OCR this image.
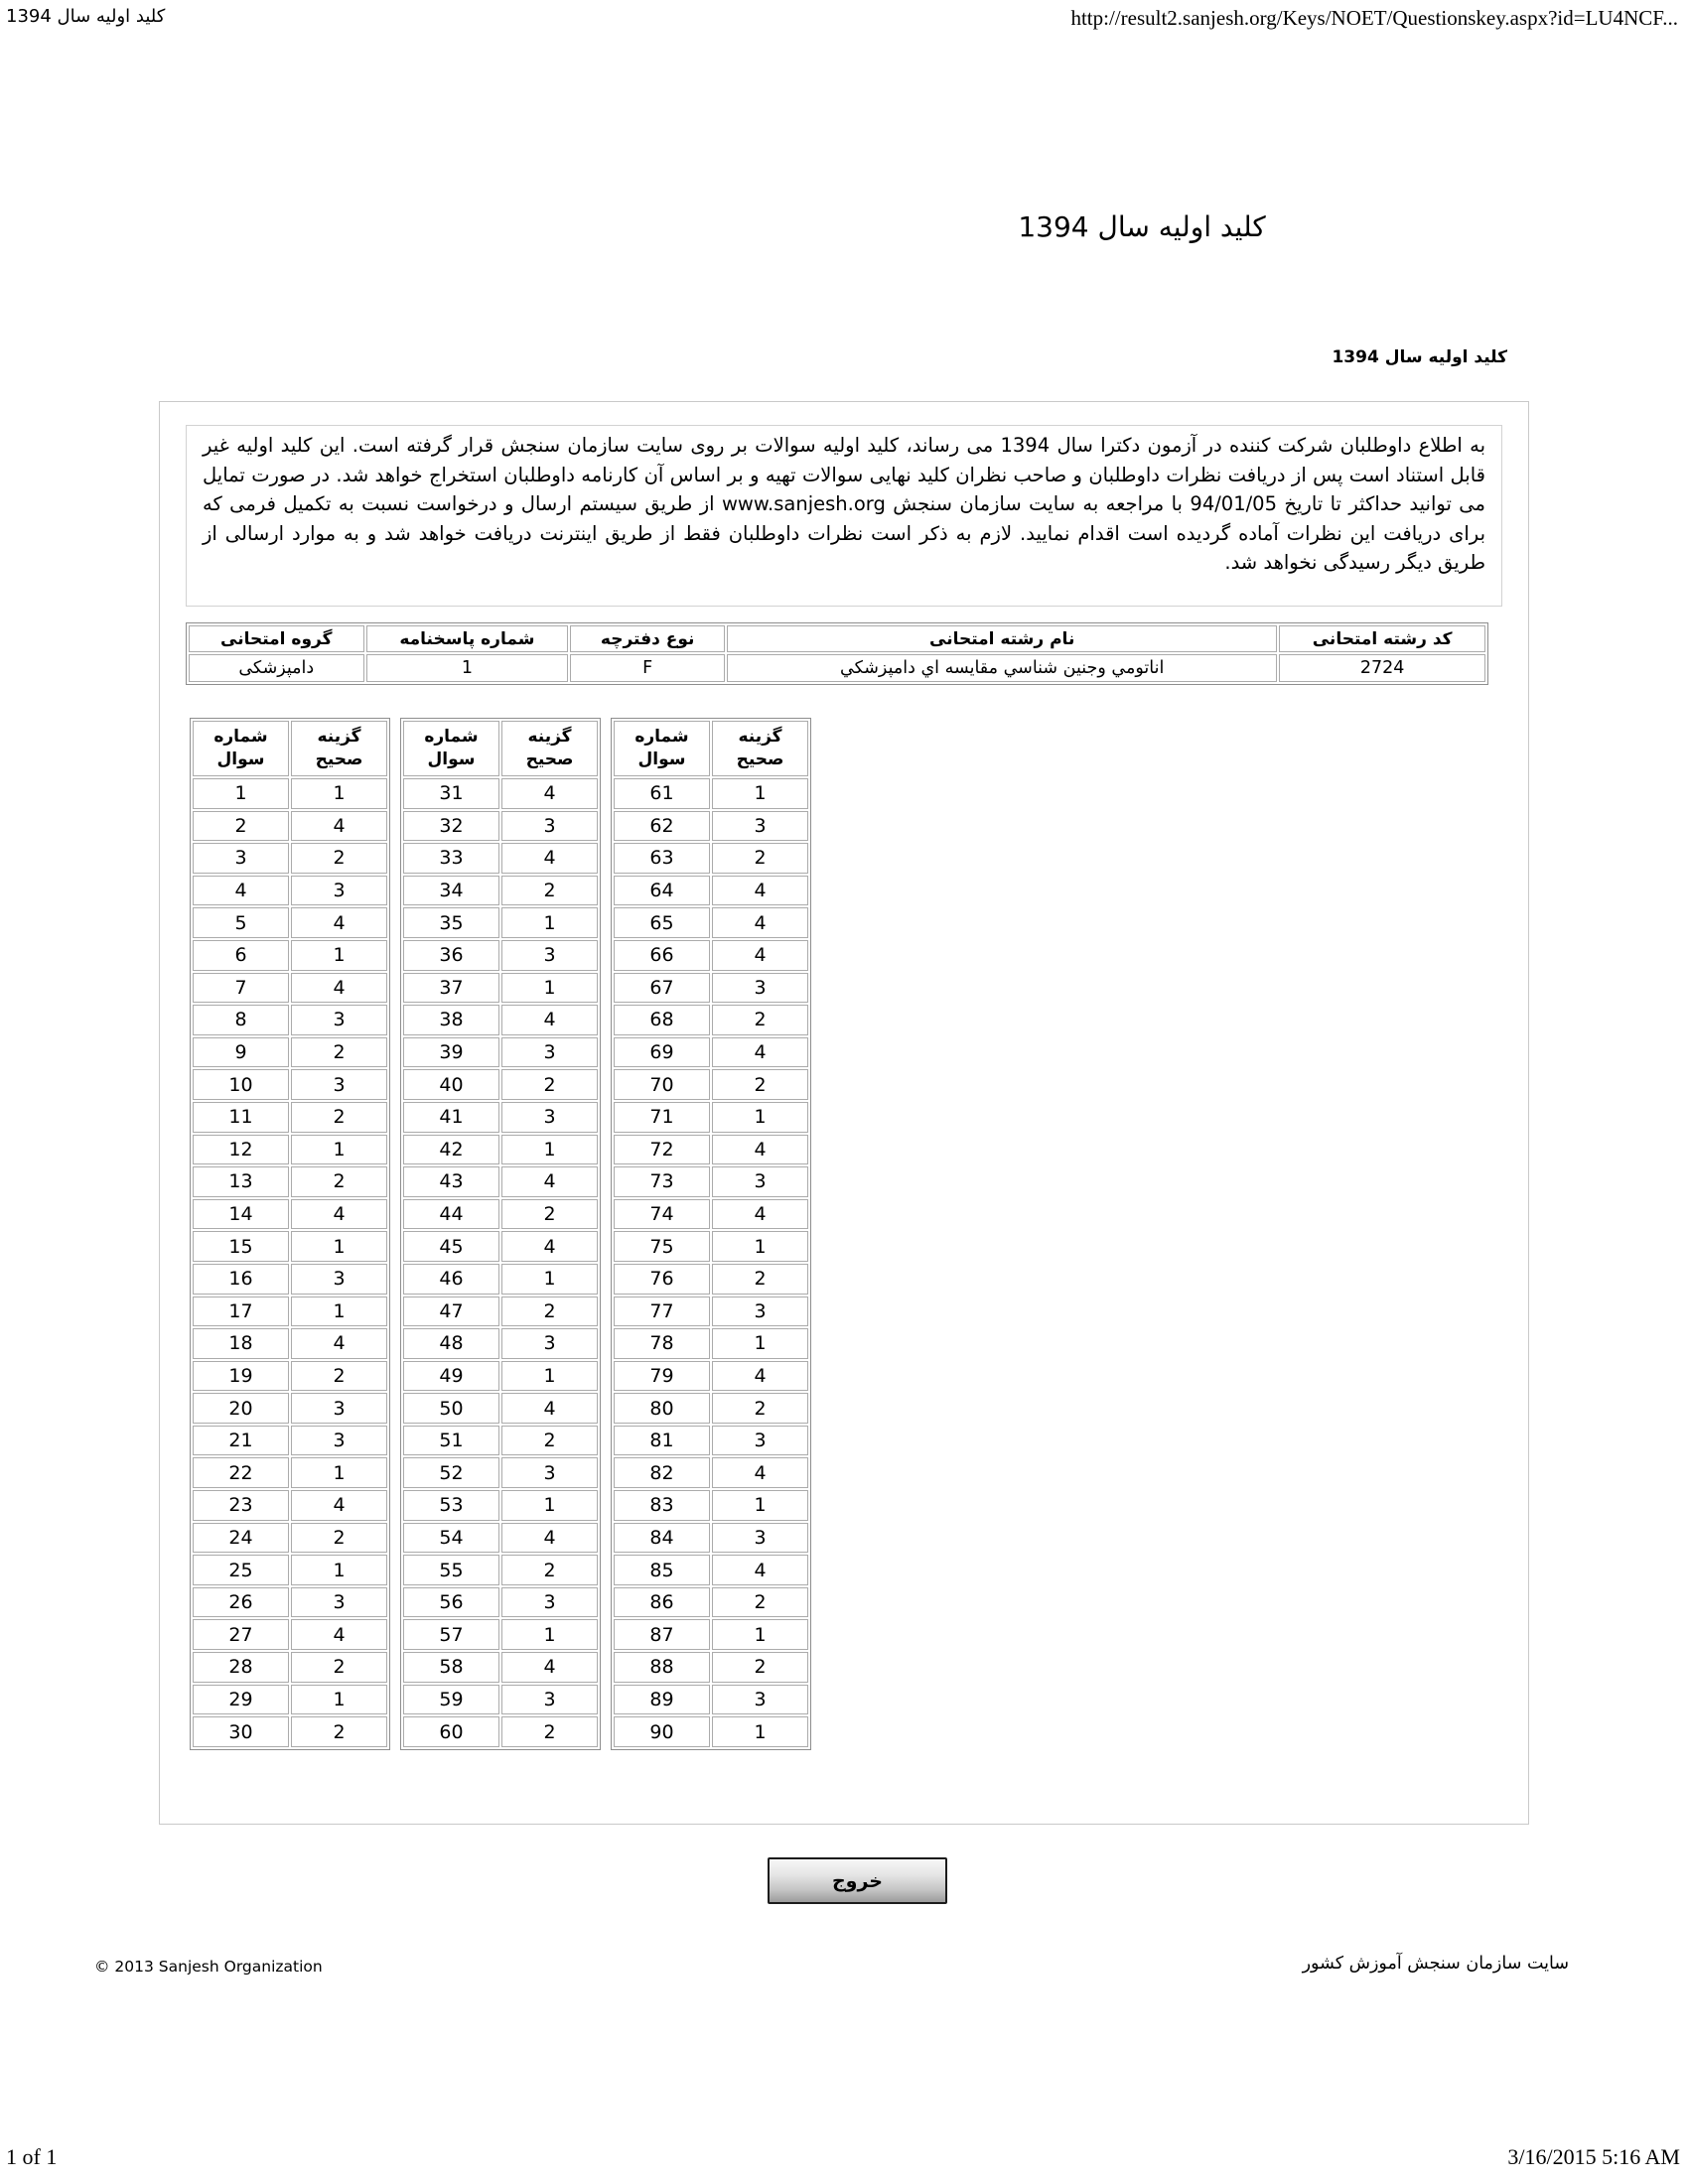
کلید اولیه سال 1394	http://result2.sanjesh.org/Keys/NOET/Questionskey.aspx?id=LU4NCF...
کلید اولیه سال 1394
کلید اولیه سال 1394
به اطلاع داوطلبان شرکت کننده در آزمون دکترا سال 1394 می رساند، کلید اولیه سوالات بر روی سایت سازمان سنجش قرار گرفته است. این کلید اولیه غیر قابل استناد است پس از دریافت نظرات داوطلبان و صاحب نظران کلید نهایی سوالات تهیه و بر اساس آن کارنامه داوطلبان استخراج خواهد شد. در صورت تمایل می توانید حداکثر تا تاریخ 94/01/05 با مراجعه به سایت سازمان سنجش www.sanjesh.org از طریق سیستم ارسال و درخواست نسبت به تکمیل فرمی که برای دریافت این نظرات آماده گردیده است اقدام نمایید. لازم به ذکر است نظرات داوطلبان فقط از طریق اینترنت دریافت خواهد شد و به موارد ارسالی از طریق دیگر رسیدگی نخواهد شد.
گروه امتحانی	شماره پاسخنامه	نوع دفترچه	نام رشته امتحانی	کد رشته امتحانی
دامپزشکی	1	F	اناتومي وجنين شناسي مقايسه اي دامپزشكي	2724
شماره سوال	گزینه صحیح
1	1
2	4
3	2
4	3
5	4
6	1
7	4
8	3
9	2
10	3
11	2
12	1
13	2
14	4
15	1
16	3
17	1
18	4
19	2
20	3
21	3
22	1
23	4
24	2
25	1
26	3
27	4
28	2
29	1
30	2
شماره سوال	گزینه صحیح
31	4
32	3
33	4
34	2
35	1
36	3
37	1
38	4
39	3
40	2
41	3
42	1
43	4
44	2
45	4
46	1
47	2
48	3
49	1
50	4
51	2
52	3
53	1
54	4
55	2
56	3
57	1
58	4
59	3
60	2
شماره سوال	گزینه صحیح
61	1
62	3
63	2
64	4
65	4
66	4
67	3
68	2
69	4
70	2
71	1
72	4
73	3
74	4
75	1
76	2
77	3
78	1
79	4
80	2
81	3
82	4
83	1
84	3
85	4
86	2
87	1
88	2
89	3
90	1
خروج
© 2013 Sanjesh Organization	سایت سازمان سنجش آموزش کشور
1 of 1	3/16/2015 5:16 AM
